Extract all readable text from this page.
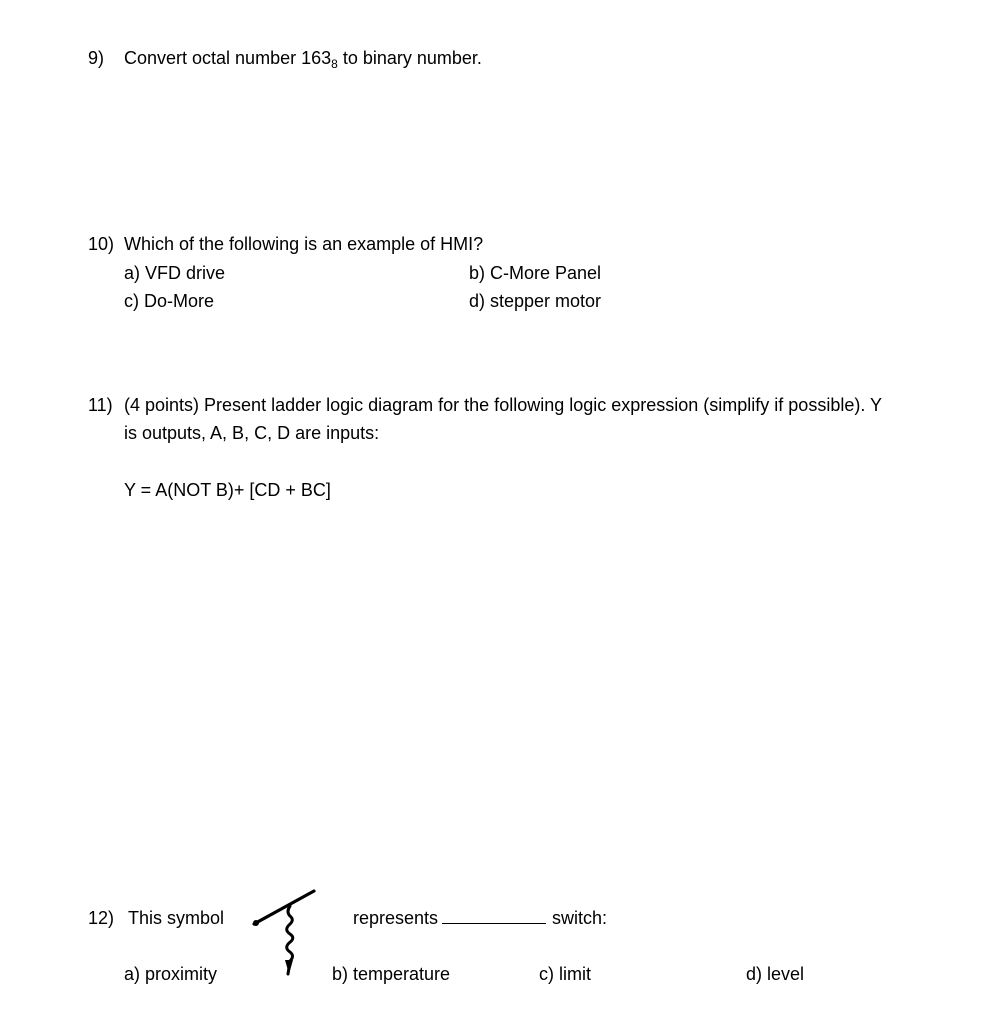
9) Convert octal number $163_8$ to binary number.
10) Which of the following is an example of HMI?
a) VFD drive	b) C-More Panel
c) Do-More	d) stepper motor
11) (4 points) Present ladder logic diagram for the following logic expression (simplify if possible). Y
is outputs, A, B, C, D are inputs:
Y = A(NOT B)+ [CD + BC]
12) This symbol	represents	switch:
a) proximity	b) temperature	c) limit	d) level
